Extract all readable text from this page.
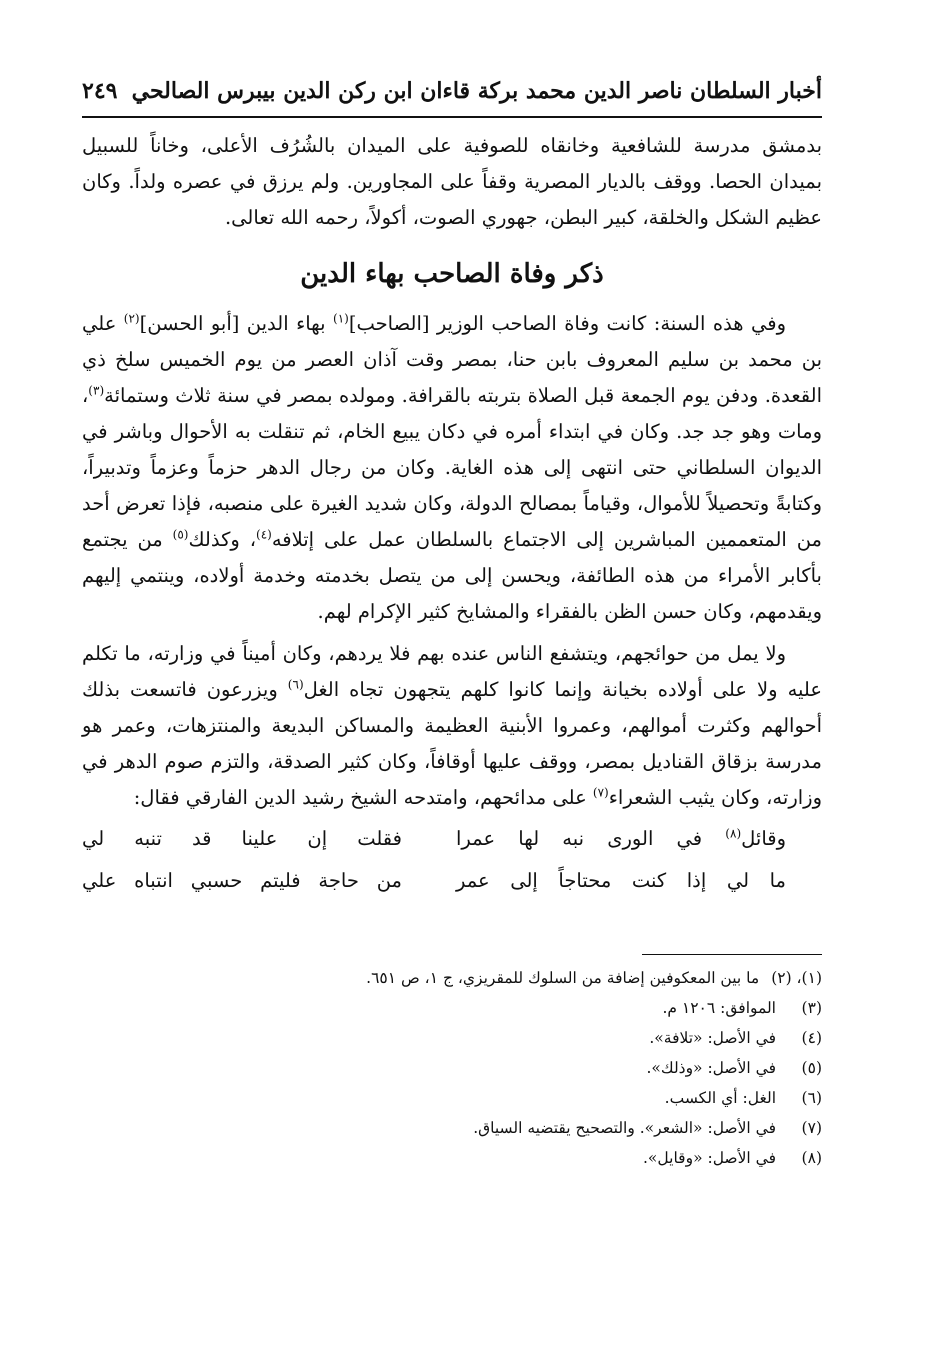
أخبار السلطان ناصر الدين محمد بركة قاءان ابن ركن الدين بيبرس الصالحي
٢٤٩

بدمشق مدرسة للشافعية وخانقاه للصوفية على الميدان بالشُرُف الأعلى، وخاناً للسبيل بميدان الحصا. ووقف بالديار المصرية وقفاً على المجاورين. ولم يرزق في عصره ولداً. وكان عظيم الشكل والخلقة، كبير البطن، جهوري الصوت، أكولاً، رحمه الله تعالى.

ذكر وفاة الصاحب بهاء الدين

وفي هذه السنة: كانت وفاة الصاحب الوزير [الصاحب]$^{(١)}$ بهاء الدين [أبو الحسن]$^{(٢)}$ علي بن محمد بن سليم المعروف بابن حنا، بمصر وقت آذان العصر من يوم الخميس سلخ ذي القعدة. ودفن يوم الجمعة قبل الصلاة بتربته بالقرافة. ومولده بمصر في سنة ثلاث وستمائة$^{(٣)}$، ومات وهو جد جد. وكان في ابتداء أمره في دكان يبيع الخام، ثم تنقلت به الأحوال وباشر في الديوان السلطاني حتى انتهى إلى هذه الغاية. وكان من رجال الدهر حزماً وعزماً وتدبيراً، وكتابةً وتحصيلاً للأموال، وقياماً بمصالح الدولة، وكان شديد الغيرة على منصبه، فإذا تعرض أحد من المتعممين المباشرين إلى الاجتماع بالسلطان عمل على إتلافه$^{(٤)}$، وكذلك$^{(٥)}$ من يجتمع بأكابر الأمراء من هذه الطائفة، ويحسن إلى من يتصل بخدمته وخدمة أولاده، وينتمي إليهم ويقدمهم، وكان حسن الظن بالفقراء والمشايخ كثير الإكرام لهم.

ولا يمل من حوائجهم، ويتشفع الناس عنده بهم فلا يردهم، وكان أميناً في وزارته، ما تكلم عليه ولا على أولاده بخيانة وإنما كانوا كلهم يتجهون تجاه الغل$^{(٦)}$ ويزرعون فاتسعت بذلك أحوالهم وكثرت أموالهم، وعمروا الأبنية العظيمة والمساكن البديعة والمنتزهات، وعمر هو مدرسة بزقاق القناديل بمصر، ووقف عليها أوقافاً، وكان كثير الصدقة، والتزم صوم الدهر في وزارته، وكان يثيب الشعراء$^{(٧)}$ على مدائحهم، وامتدحه الشيخ رشيد الدين الفارقي فقال:

وقائل$^{(٨)}$ في الورى نبه لها عمرا
فقلت إن علينا قد تنبه لي
ما لي إذا كنت محتاجاً إلى عمر
من حاجة فليتم حسبي انتباه علي
(١)، (٢)
ما بين المعكوفين إضافة من السلوك للمقريزي، ج ١، ص ٦٥١.
(٣)
الموافق: ١٢٠٦ م.
(٤)
في الأصل: «تلافة».
(٥)
في الأصل: «وذلك».
(٦)
الغل: أي الكسب.
(٧)
في الأصل: «الشعر». والتصحيح يقتضيه السياق.
(٨)
في الأصل: «وقايل».
